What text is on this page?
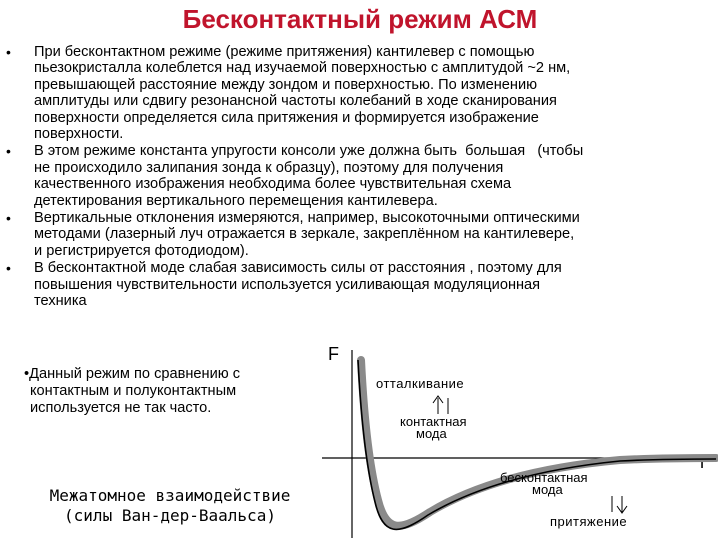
Бесконтактный режим АСМ
• При бесконтактном режиме (режиме притяжения) кантилевер с помощью
пьезокристалла колеблется над изучаемой поверхностью с амплитудой ~2 нм,
превышающей расстояние между зондом и поверхностью. По изменению
амплитуды или сдвигу резонансной частоты колебаний в ходе сканирования
поверхности определяется сила притяжения и формируется изображение
поверхности.
• В этом режиме константа упругости консоли уже должна быть  большая   (чтобы
не происходило залипания зонда к образцу), поэтому для получения
качественного изображения необходима более чувствительная схема
детектирования вертикального перемещения кантилевера.
• Вертикальные отклонения измеряются, например, высокоточными оптическими
методами (лазерный луч отражается в зеркале, закреплённом на кантилевере,
и регистрируется фотодиодом).
• В бесконтактной моде слабая зависимость силы от расстояния , поэтому для
повышения чувствительности используется усиливающая модуляционная
техника
•Данный режим по сравнению с
контактным и полуконтактным
используется не так часто.
Межатомное взаимодействие
(силы Ван-дер-Ваальса)
F
r
отталкивание
контактная
мода
бесконтактная
мода
притяжение
